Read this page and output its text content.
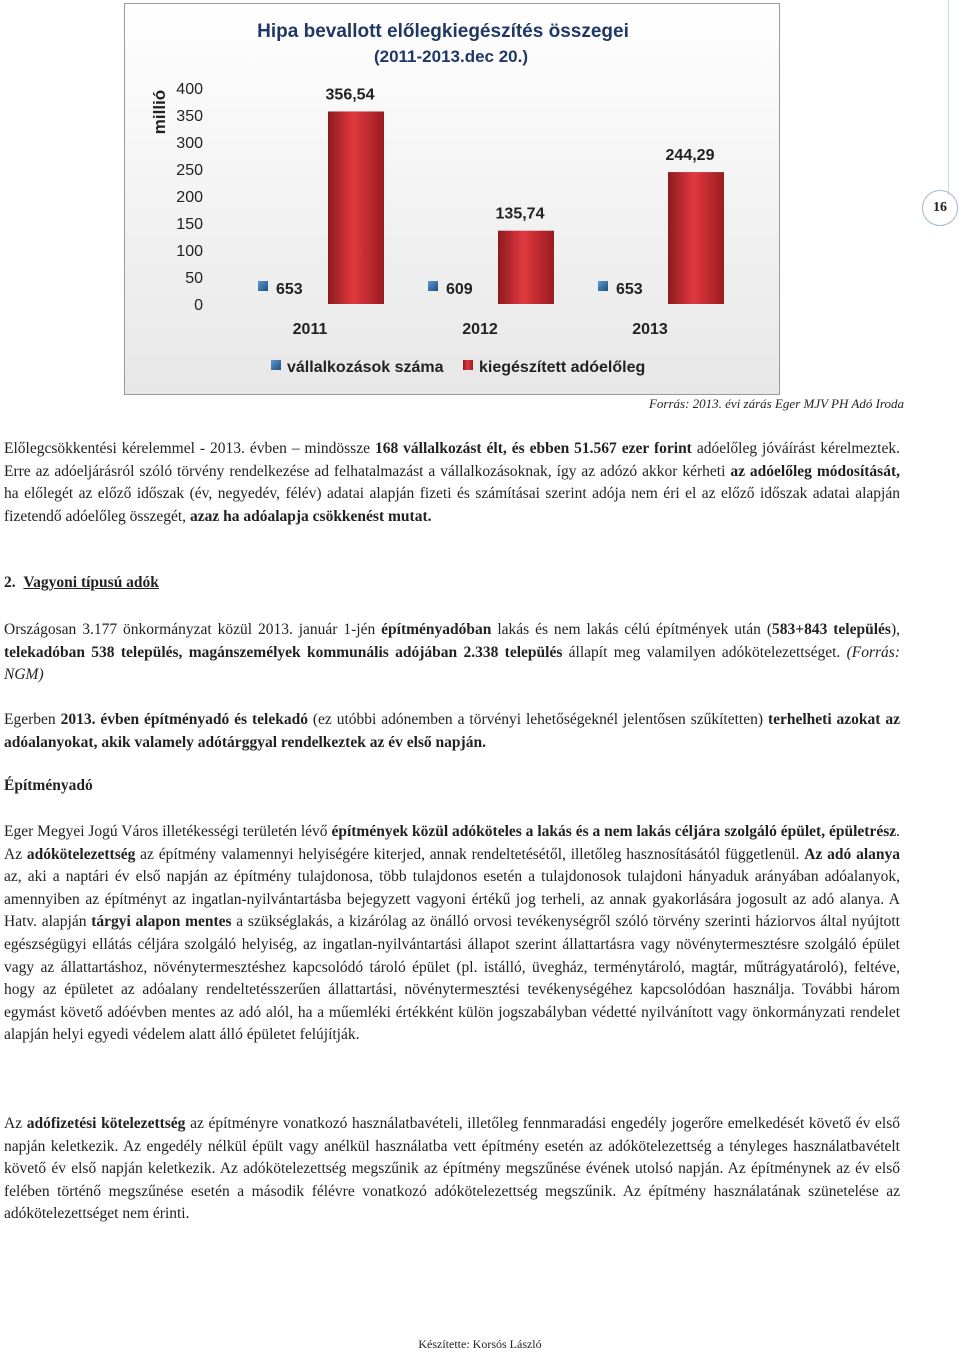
16
Hipa bevallott előlegkiegészítés összegei
(2011-2013.dec 20.)
millió
0
50
100
150
200
250
300
350
400
653
356,54
609
135,74
653
244,29
2011	2012	2013
vállalkozások száma kiegészített adóelőleg
Forrás: 2013. évi zárás Eger MJV PH Adó Iroda

Előlegcsökkentési kérelemmel - 2013. évben – mindössze 168 vállalkozást élt, és ebben 51.567 ezer forint adóelőleg jóváírást kérelmeztek. Erre az adóeljárásról szóló törvény rendelkezése ad felhatalmazást a vállalkozásoknak, így az adózó akkor kérheti az adóelőleg módosítását, ha előlegét az előző időszak (év, negyedév, félév) adatai alapján fizeti és számításai szerint adója nem éri el az előző időszak adatai alapján fizetendő adóelőleg összegét, azaz ha adóalapja csökkenést mutat.

2. Vagyoni típusú adók

Országosan 3.177 önkormányzat közül 2013. január 1-jén építményadóban lakás és nem lakás célú építmények után (583+843 település), telekadóban 538 település, magánszemélyek kommunális adójában 2.338 település állapít meg valamilyen adókötelezettséget. (Forrás: NGM)

Egerben 2013. évben építményadó és telekadó (ez utóbbi adónemben a törvényi lehetőségeknél jelentősen szűkítetten) terhelheti azokat az adóalanyokat, akik valamely adótárggyal rendelkeztek az év első napján.

Építményadó

Eger Megyei Jogú Város illetékességi területén lévő építmények közül adóköteles a lakás és a nem lakás céljára szolgáló épület, épületrész. Az adókötelezettség az építmény valamennyi helyiségére kiterjed, annak rendeltetésétől, illetőleg hasznosításától függetlenül. Az adó alanya az, aki a naptári év első napján az építmény tulajdonosa, több tulajdonos esetén a tulajdonosok tulajdoni hányaduk arányában adóalanyok, amennyiben az építményt az ingatlan-nyilvántartásba bejegyzett vagyoni értékű jog terheli, az annak gyakorlására jogosult az adó alanya. A Hatv. alapján tárgyi alapon mentes a szükséglakás, a kizárólag az önálló orvosi tevékenységről szóló törvény szerinti háziorvos által nyújtott egészségügyi ellátás céljára szolgáló helyiség, az ingatlan-nyilvántartási állapot szerint állattartásra vagy növénytermesztésre szolgáló épület vagy az állattartáshoz, növénytermesztéshez kapcsolódó tároló épület (pl. istálló, üvegház, terménytároló, magtár, műtrágyatároló), feltéve, hogy az épületet az adóalany rendeltetésszerűen állattartási, növénytermesztési tevékenységéhez kapcsolódóan használja. További három egymást követő adóévben mentes az adó alól, ha a műemléki értékként külön jogszabályban védetté nyilvánított vagy önkormányzati rendelet alapján helyi egyedi védelem alatt álló épületet felújítják.

Az adófizetési kötelezettség az építményre vonatkozó használatbavételi, illetőleg fennmaradási engedély jogerőre emelkedését követő év első napján keletkezik. Az engedély nélkül épült vagy anélkül használatba vett építmény esetén az adókötelezettség a tényleges használatbavételt követő év első napján keletkezik. Az adókötelezettség megszűnik az építmény megszűnése évének utolsó napján. Az építménynek az év első felében történő megszűnése esetén a második félévre vonatkozó adókötelezettség megszűnik. Az építmény használatának szünetelése az adókötelezettséget nem érinti.

Készítette: Korsós László
